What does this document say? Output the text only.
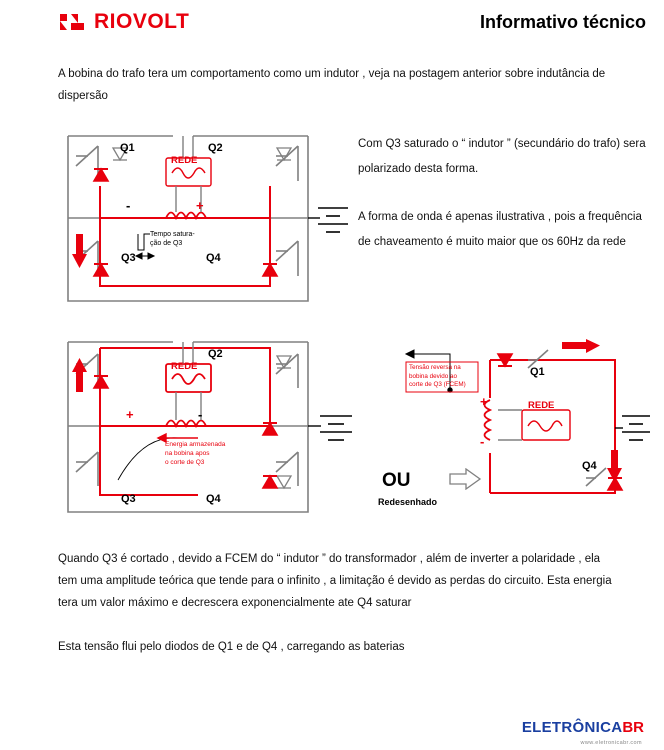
RIOVOLT	Informativo técnico
A bobina do trafo tera um comportamento como um indutor , veja na postagem anterior sobre indutância de dispersão
Q1	Q2
Q3	Q4
REDE
-	+
Tempo satura-
ção de Q3
Com Q3 saturado o “ indutor ” (secundário do trafo) sera polarizado desta forma.
A forma de onda é apenas ilustrativa , pois a frequência de chaveamento é muito maior que os 60Hz da rede
Q2
Q3	Q4
REDE
+	-
Energia armazenada
na bobina apos
o corte de Q3
OU
Redesenhado
Q1
Q4
REDE
+
-
Tensão reversa na
bobina devido ao
corte de Q3 (FCEM)
Quando Q3 é cortado , devido a FCEM do “ indutor ” do transformador , além de inverter a polaridade , ela tem uma amplitude teórica que tende para o infinito , a limitação é devido as perdas do circuito. Esta energia tera um valor máximo e decrescera exponencialmente ate Q4 saturar
Esta tensão flui pelo diodos de Q1 e de Q4 , carregando as baterias
ELETRÔNICA BR
www.eletronicabr.com
